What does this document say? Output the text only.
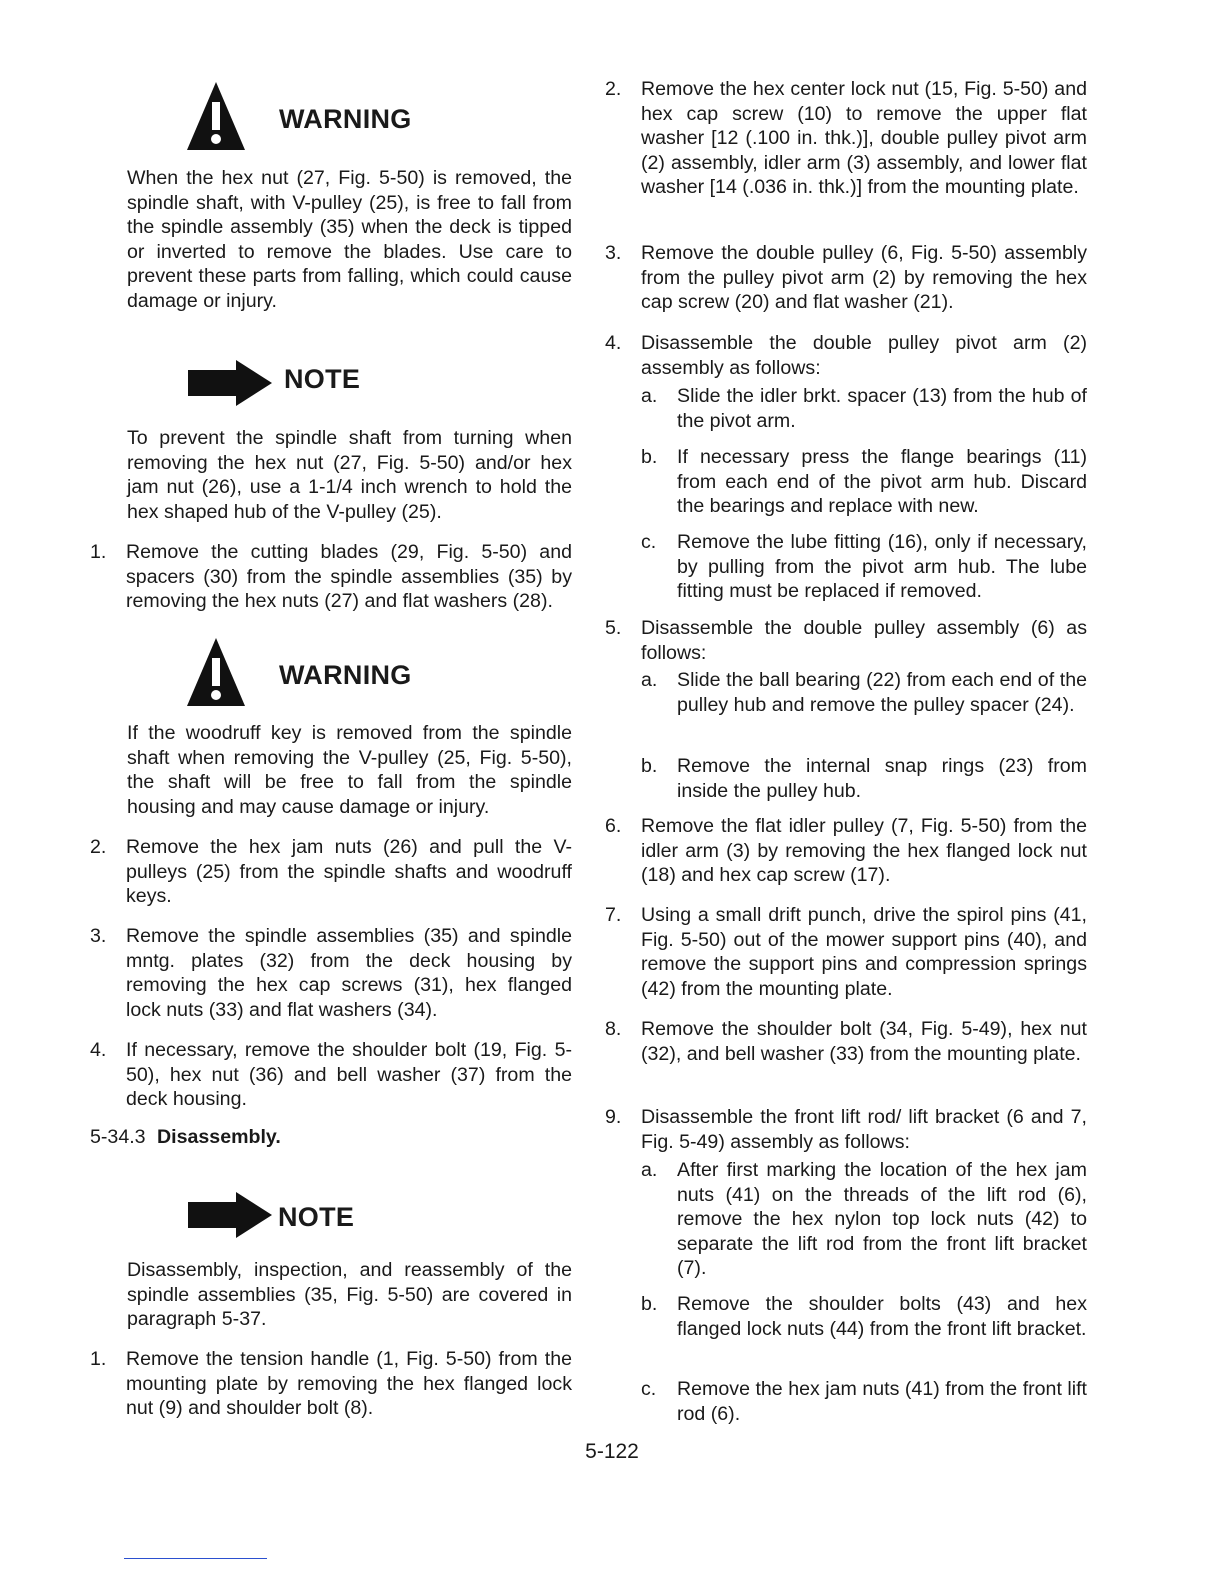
WARNING

When the hex nut (27, Fig. 5-50) is removed, the spindle shaft, with V-pulley (25), is free to fall from the spindle assembly (35) when the deck is tipped or inverted to remove the blades. Use care to prevent these parts from falling, which could cause damage or injury.

NOTE

To prevent the spindle shaft from turning when removing the hex nut (27, Fig. 5-50) and/or hex jam nut (26), use a 1-1/4 inch wrench to hold the hex shaped hub of the V-pulley (25).

1. Remove the cutting blades (29, Fig. 5-50) and spacers (30) from the spindle assemblies (35) by removing the hex nuts (27) and flat washers (28).
WARNING

If the woodruff key is removed from the spindle shaft when removing the V-pulley (25, Fig. 5-50), the shaft will be free to fall from the spindle housing and may cause damage or injury.

2. Remove the hex jam nuts (26) and pull the V-pulleys (25) from the spindle shafts and woodruff keys.
3. Remove the spindle assemblies (35) and spindle mntg. plates (32) from the deck housing by removing the hex cap screws (31), hex flanged lock nuts (33) and flat washers (34).
4. If necessary, remove the shoulder bolt (19, Fig. 5-50), hex nut (36) and bell washer (37) from the deck housing.
5-34.3 Disassembly.
NOTE

Disassembly, inspection, and reassembly of the spindle assemblies (35, Fig. 5-50) are covered in paragraph 5-37.

1. Remove the tension handle (1, Fig. 5-50) from the mounting plate by removing the hex flanged lock nut (9) and shoulder bolt (8).
2. Remove the hex center lock nut (15, Fig. 5-50) and hex cap screw (10) to remove the upper flat washer [12 (.100 in. thk.)], double pulley pivot arm (2) assembly, idler arm (3) assembly, and lower flat washer [14 (.036 in. thk.)] from the mounting plate.
3. Remove the double pulley (6, Fig. 5-50) assembly from the pulley pivot arm (2) by removing the hex cap screw (20) and flat washer (21).
4. Disassemble the double pulley pivot arm (2) assembly as follows:
a. Slide the idler brkt. spacer (13) from the hub of the pivot arm.
b. If necessary press the flange bearings (11) from each end of the pivot arm hub. Discard the bearings and replace with new.
c. Remove the lube fitting (16), only if necessary, by pulling from the pivot arm hub. The lube fitting must be replaced if removed.
5. Disassemble the double pulley assembly (6) as follows:
a. Slide the ball bearing (22) from each end of the pulley hub and remove the pulley spacer (24).
b. Remove the internal snap rings (23) from inside the pulley hub.
6. Remove the flat idler pulley (7, Fig. 5-50) from the idler arm (3) by removing the hex flanged lock nut (18) and hex cap screw (17).
7. Using a small drift punch, drive the spirol pins (41, Fig. 5-50) out of the mower support pins (40), and remove the support pins and compression springs (42) from the mounting plate.
8. Remove the shoulder bolt (34, Fig. 5-49), hex nut (32), and bell washer (33) from the mounting plate.
9. Disassemble the front lift rod/ lift bracket (6 and 7, Fig. 5-49) assembly as follows:
a. After first marking the location of the hex jam nuts (41) on the threads of the lift rod (6), remove the hex nylon top lock nuts (42) to separate the lift rod from the front lift bracket (7).
b. Remove the shoulder bolts (43) and hex flanged lock nuts (44) from the front lift bracket.
c. Remove the hex jam nuts (41) from the front lift rod (6).
5-122
